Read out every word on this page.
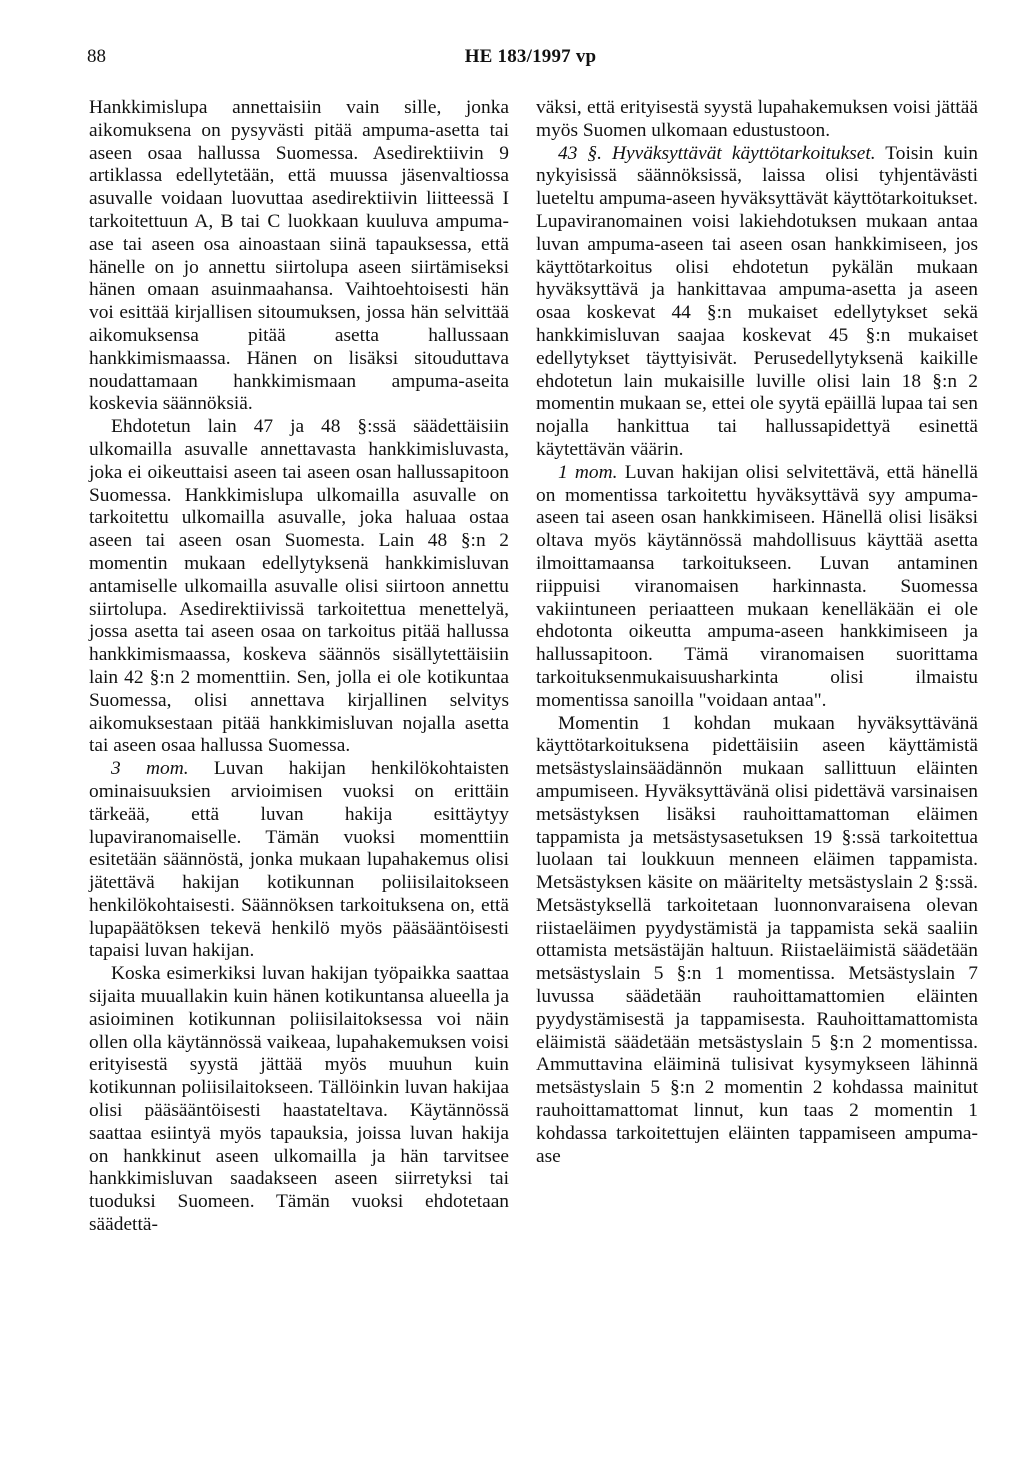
88	HE 183/1997 vp

Hankkimislupa annettaisiin vain sille, jonka aikomuksena on pysyvästi pitää ampuma-asetta tai aseen osaa hallussa Suomessa. Asedirektiivin 9 artiklassa edellytetään, että muussa jäsenvaltiossa asuvalle voidaan luovuttaa asedirektiivin liitteessä I tarkoitettuun A, B tai C luokkaan kuuluva ampuma-ase tai aseen osa ainoastaan siinä tapauksessa, että hänelle on jo annettu siirtolupa aseen siirtämiseksi hänen omaan asuinmaahansa. Vaihtoehtoisesti hän voi esittää kirjallisen sitoumuksen, jossa hän selvittää aikomuksensa pitää asetta hallussaan hankkimismaassa. Hänen on lisäksi sitouduttava noudattamaan hankkimismaan ampuma-aseita koskevia säännöksiä.

Ehdotetun lain 47 ja 48 §:ssä säädettäisiin ulkomailla asuvalle annettavasta hankkimisluvasta, joka ei oikeuttaisi aseen tai aseen osan hallussapitoon Suomessa. Hankkimislupa ulkomailla asuvalle on tarkoitettu ulkomailla asuvalle, joka haluaa ostaa aseen tai aseen osan Suomesta. Lain 48 §:n 2 momentin mukaan edellytyksenä hankkimisluvan antamiselle ulkomailla asuvalle olisi siirtoon annettu siirtolupa. Asedirektiivissä tarkoitettua menettelyä, jossa asetta tai aseen osaa on tarkoitus pitää hallussa hankkimismaassa, koskeva säännös sisällytettäisiin lain 42 §:n 2 momenttiin. Sen, jolla ei ole kotikuntaa Suomessa, olisi annettava kirjallinen selvitys aikomuksestaan pitää hankkimisluvan nojalla asetta tai aseen osaa hallussa Suomessa.

3 mom. Luvan hakijan henkilökohtaisten ominaisuuksien arvioimisen vuoksi on erittäin tärkeää, että luvan hakija esittäytyy lupaviranomaiselle. Tämän vuoksi momenttiin esitetään säännöstä, jonka mukaan lupahakemus olisi jätettävä hakijan kotikunnan poliisilaitokseen henkilökohtaisesti. Säännöksen tarkoituksena on, että lupapäätöksen tekevä henkilö myös pääsääntöisesti tapaisi luvan hakijan.

Koska esimerkiksi luvan hakijan työpaikka saattaa sijaita muuallakin kuin hänen kotikuntansa alueella ja asioiminen kotikunnan poliisilaitoksessa voi näin ollen olla käytännössä vaikeaa, lupahakemuksen voisi erityisestä syystä jättää myös muuhun kuin kotikunnan poliisilaitokseen. Tällöinkin luvan hakijaa olisi pääsääntöisesti haastateltava. Käytännössä saattaa esiintyä myös tapauksia, joissa luvan hakija on hankkinut aseen ulkomailla ja hän tarvitsee hankkimisluvan saadakseen aseen siirretyksi tai tuoduksi Suomeen. Tämän vuoksi ehdotetaan säädettä-

väksi, että erityisestä syystä lupahakemuksen voisi jättää myös Suomen ulkomaan edustustoon.

43 §. Hyväksyttävät käyttötarkoitukset. Toisin kuin nykyisissä säännöksissä, laissa olisi tyhjentävästi lueteltu ampuma-aseen hyväksyttävät käyttötarkoitukset. Lupaviranomainen voisi lakiehdotuksen mukaan antaa luvan ampuma-aseen tai aseen osan hankkimiseen, jos käyttötarkoitus olisi ehdotetun pykälän mukaan hyväksyttävä ja hankittavaa ampuma-asetta ja aseen osaa koskevat 44 §:n mukaiset edellytykset sekä hankkimisluvan saajaa koskevat 45 §:n mukaiset edellytykset täyttyisivät. Perusedellytyksenä kaikille ehdotetun lain mukaisille luville olisi lain 18 §:n 2 momentin mukaan se, ettei ole syytä epäillä lupaa tai sen nojalla hankittua tai hallussapidettyä esinettä käytettävän väärin.

1 mom. Luvan hakijan olisi selvitettävä, että hänellä on momentissa tarkoitettu hyväksyttävä syy ampuma-aseen tai aseen osan hankkimiseen. Hänellä olisi lisäksi oltava myös käytännössä mahdollisuus käyttää asetta ilmoittamaansa tarkoitukseen. Luvan antaminen riippuisi viranomaisen harkinnasta. Suomessa vakiintuneen periaatteen mukaan kenelläkään ei ole ehdotonta oikeutta ampuma-aseen hankkimiseen ja hallussapitoon. Tämä viranomaisen suorittama tarkoituksenmukaisuusharkinta olisi ilmaistu momentissa sanoilla "voidaan antaa".

Momentin 1 kohdan mukaan hyväksyttävänä käyttötarkoituksena pidettäisiin aseen käyttämistä metsästyslainsäädännön mukaan sallittuun eläinten ampumiseen. Hyväksyttävänä olisi pidettävä varsinaisen metsästyksen lisäksi rauhoittamattoman eläimen tappamista ja metsästysasetuksen 19 §:ssä tarkoitettua luolaan tai loukkuun menneen eläimen tappamista. Metsästyksen käsite on määritelty metsästyslain 2 §:ssä. Metsästyksellä tarkoitetaan luonnonvaraisena olevan riistaeläimen pyydystämistä ja tappamista sekä saaliin ottamista metsästäjän haltuun. Riistaeläimistä säädetään metsästyslain 5 §:n 1 momentissa. Metsästyslain 7 luvussa säädetään rauhoittamattomien eläinten pyydystämisestä ja tappamisesta. Rauhoittamattomista eläimistä säädetään metsästyslain 5 §:n 2 momentissa. Ammuttavina eläiminä tulisivat kysymykseen lähinnä metsästyslain 5 §:n 2 momentin 2 kohdassa mainitut rauhoittamattomat linnut, kun taas 2 momentin 1 kohdassa tarkoitettujen eläinten tappamiseen ampuma-ase
